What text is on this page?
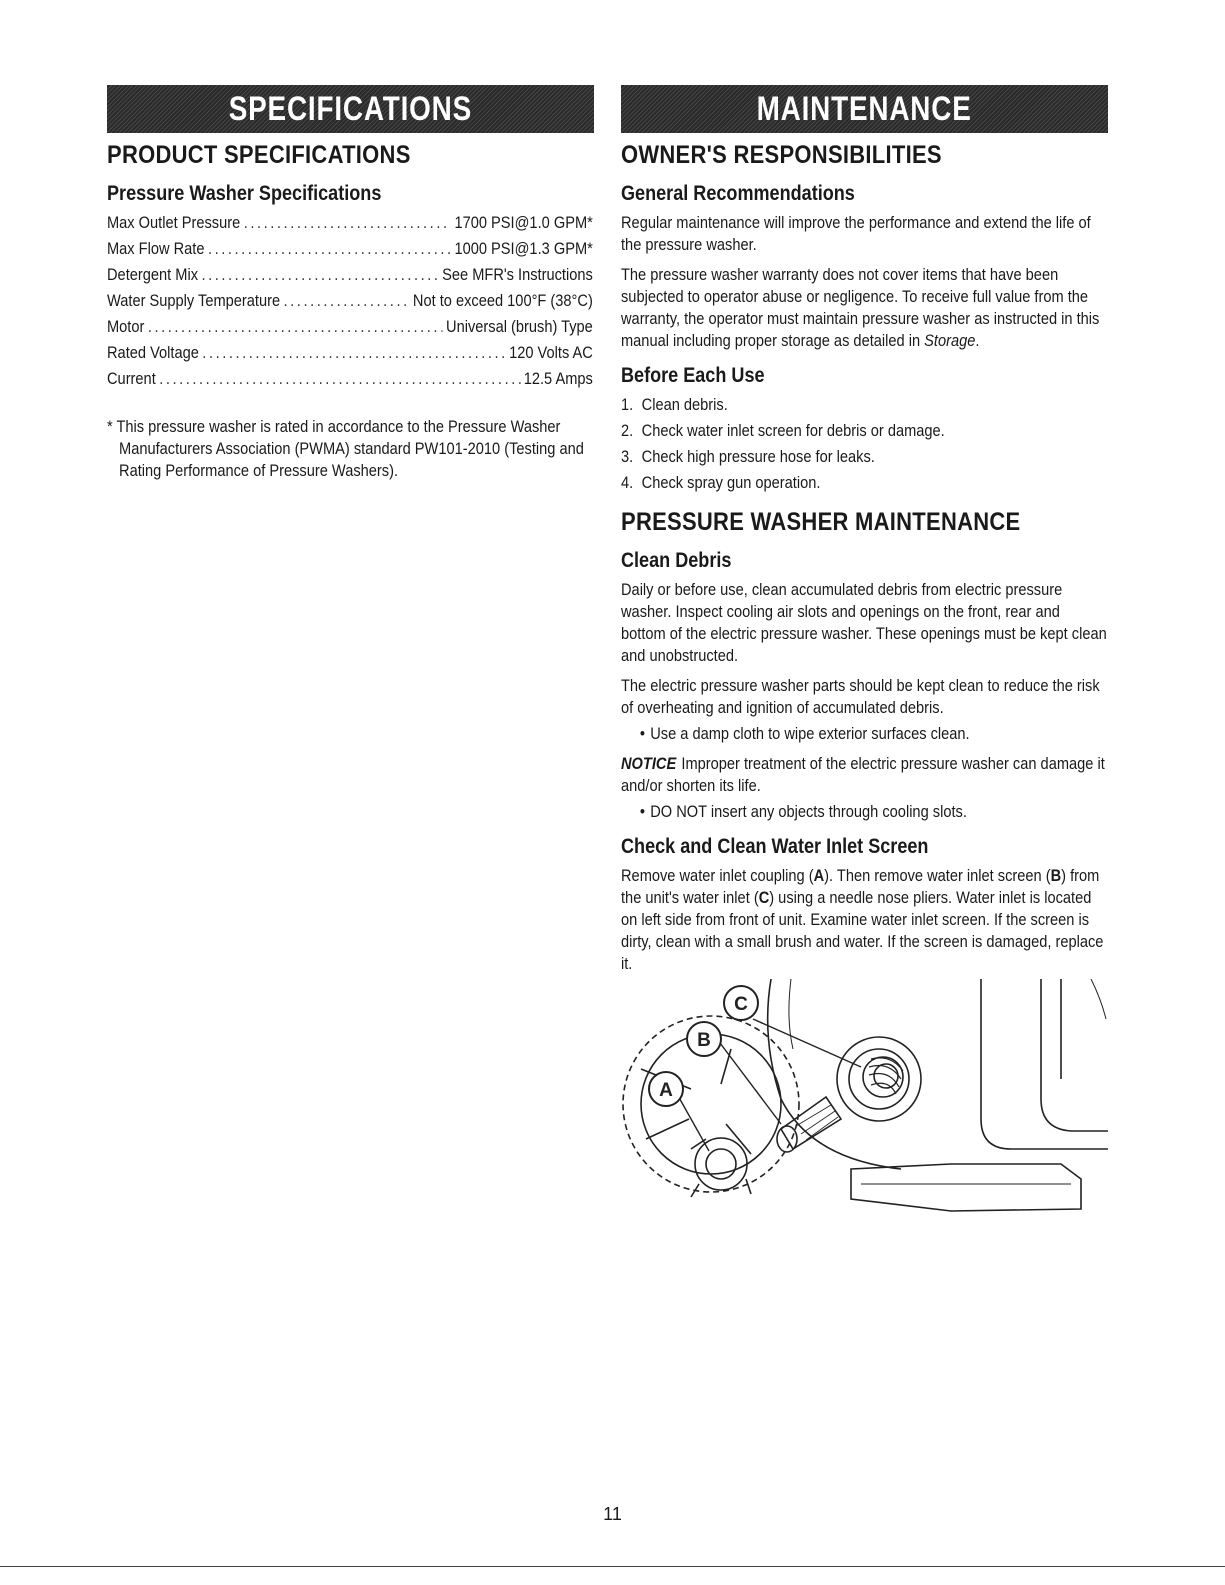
SPECIFICATIONS
PRODUCT SPECIFICATIONS
Pressure Washer Specifications
Max Outlet Pressure .....	1700 PSI@1.0 GPM*
Max Flow Rate .....	1000 PSI@1.3 GPM*
Detergent Mix .....	See MFR's Instructions
Water Supply Temperature .....	Not to exceed 100°F (38°C)
Motor .....	Universal (brush) Type
Rated Voltage .....	120 Volts AC
Current .....	12.5 Amps
* This pressure washer is rated in accordance to the Pressure Washer Manufacturers Association (PWMA) standard PW101-2010 (Testing and Rating Performance of Pressure Washers).
MAINTENANCE
OWNER'S RESPONSIBILITIES
General Recommendations

Regular maintenance will improve the performance and extend the life of the pressure washer.

The pressure washer warranty does not cover items that have been subjected to operator abuse or negligence. To receive full value from the warranty, the operator must maintain pressure washer as instructed in this manual including proper storage as detailed in Storage.

Before Each Use
1. Clean debris.
2. Check water inlet screen for debris or damage.
3. Check high pressure hose for leaks.
4. Check spray gun operation.
PRESSURE WASHER MAINTENANCE
Clean Debris

Daily or before use, clean accumulated debris from electric pressure washer. Inspect cooling air slots and openings on the front, rear and bottom of the electric pressure washer. These openings must be kept clean and unobstructed.

The electric pressure washer parts should be kept clean to reduce the risk of overheating and ignition of accumulated debris.

• Use a damp cloth to wipe exterior surfaces clean.

NOTICE Improper treatment of the electric pressure washer can damage it and/or shorten its life.

• DO NOT insert any objects through cooling slots.
Check and Clean Water Inlet Screen

Remove water inlet coupling (A). Then remove water inlet screen (B) from the unit's water inlet (C) using a needle nose pliers. Water inlet is located on left side from front of unit. Examine water inlet screen. If the screen is dirty, clean with a small brush and water. If the screen is damaged, replace it.

C
B
A
11
